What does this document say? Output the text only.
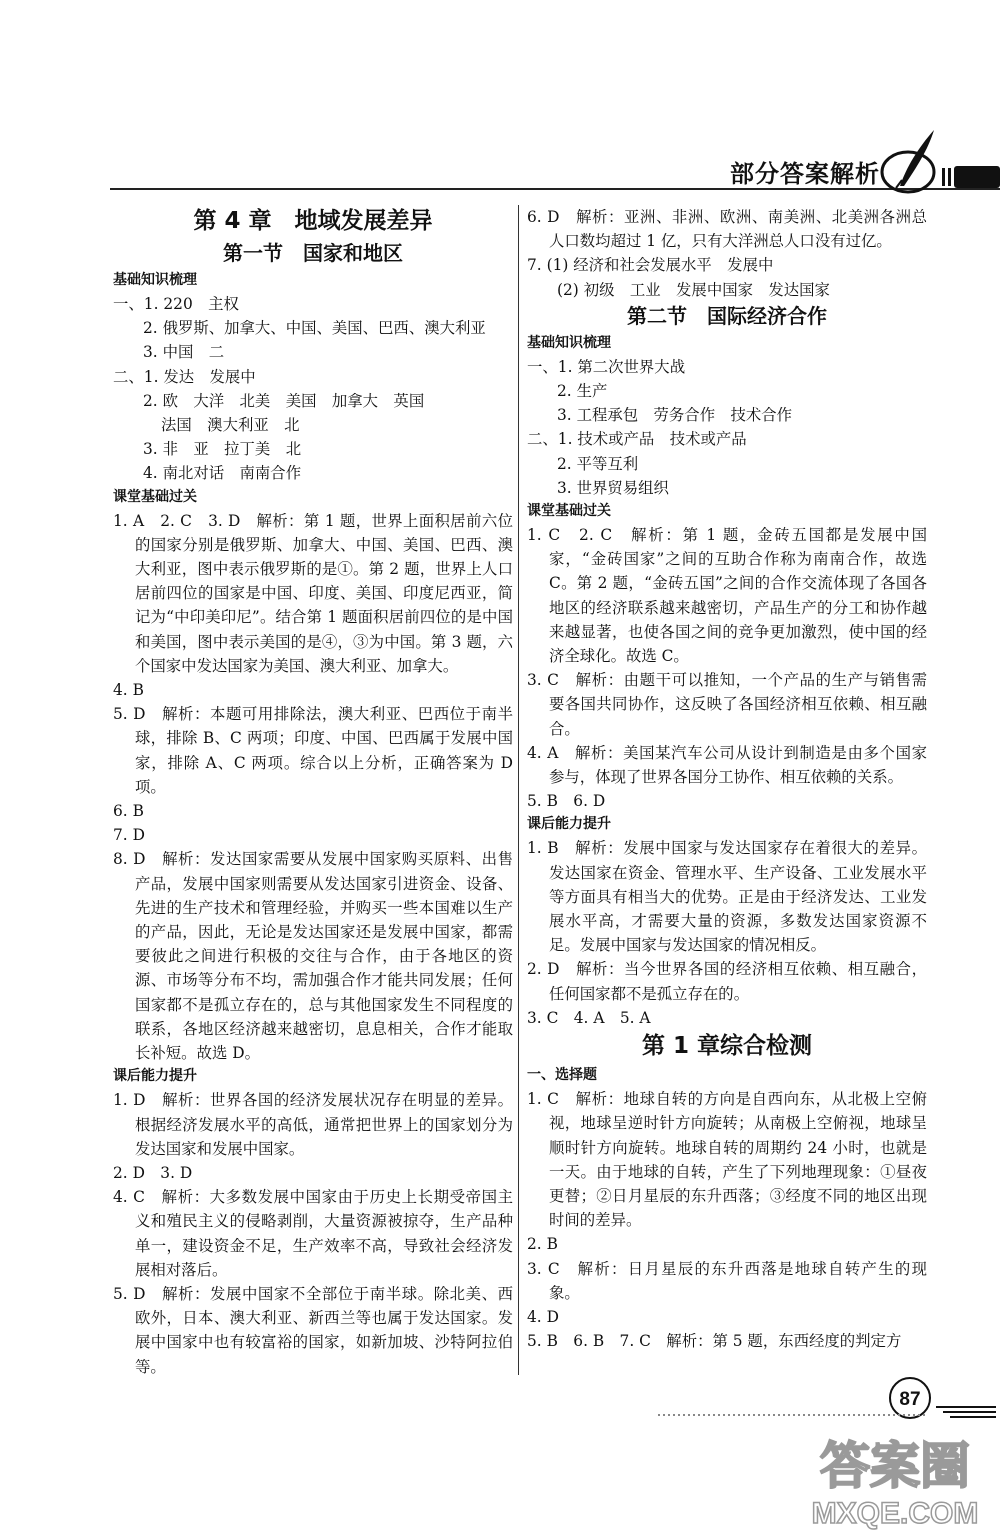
部分答案解析
第 4 章　地域发展差异
第一节　国家和地区
基础知识梳理

一、1. 220　主权

2. 俄罗斯、加拿大、中国、美国、巴西、澳大利亚

3. 中国　二

二、1. 发达　发展中

2. 欧　大洋　北美　美国　加拿大　英国

法国　澳大利亚　北

3. 非　亚　拉丁美　北

4. 南北对话　南南合作

课堂基础过关

1. A　2. C　3. D　解析：第 1 题，世界上面积居前六位的国家分别是俄罗斯、加拿大、中国、美国、巴西、澳大利亚，图中表示俄罗斯的是①。第 2 题，世界上人口居前四位的国家是中国、印度、美国、印度尼西亚，简记为“中印美印尼”。结合第 1 题面积居前四位的是中国和美国，图中表示美国的是④，③为中国。第 3 题，六个国家中发达国家为美国、澳大利亚、加拿大。

4. B

5. D　解析：本题可用排除法，澳大利亚、巴西位于南半球，排除 B、C 两项；印度、中国、巴西属于发展中国家，排除 A、C 两项。综合以上分析，正确答案为 D 项。

6. B

7. D

8. D　解析：发达国家需要从发展中国家购买原料、出售产品，发展中国家则需要从发达国家引进资金、设备、先进的生产技术和管理经验，并购买一些本国难以生产的产品，因此，无论是发达国家还是发展中国家，都需要彼此之间进行积极的交往与合作，由于各地区的资源、市场等分布不均，需加强合作才能共同发展；任何国家都不是孤立存在的，总与其他国家发生不同程度的联系，各地区经济越来越密切，息息相关，合作才能取长补短。故选 D。

课后能力提升

1. D　解析：世界各国的经济发展状况存在明显的差异。根据经济发展水平的高低，通常把世界上的国家划分为发达国家和发展中国家。

2. D　3. D

4. C　解析：大多数发展中国家由于历史上长期受帝国主义和殖民主义的侵略剥削，大量资源被掠夺，生产品种单一，建设资金不足，生产效率不高，导致社会经济发展相对落后。

5. D　解析：发展中国家不全部位于南半球。除北美、西欧外，日本、澳大利亚、新西兰等也属于发达国家。发展中国家中也有较富裕的国家，如新加坡、沙特阿拉伯等。

6. D　解析：亚洲、非洲、欧洲、南美洲、北美洲各洲总人口数均超过 1 亿，只有大洋洲总人口没有过亿。

7. (1) 经济和社会发展水平　发展中

(2) 初级　工业　发展中国家　发达国家

第二节　国际经济合作
基础知识梳理

一、1. 第二次世界大战

2. 生产

3. 工程承包　劳务合作　技术合作

二、1. 技术或产品　技术或产品

2. 平等互利

3. 世界贸易组织

课堂基础过关

1. C　2. C　解析：第 1 题，金砖五国都是发展中国家，“金砖国家”之间的互助合作称为南南合作，故选 C。第 2 题，“金砖五国”之间的合作交流体现了各国各地区的经济联系越来越密切，产品生产的分工和协作越来越显著，也使各国之间的竞争更加激烈，使中国的经济全球化。故选 C。

3. C　解析：由题干可以推知，一个产品的生产与销售需要各国共同协作，这反映了各国经济相互依赖、相互融合。

4. A　解析：美国某汽车公司从设计到制造是由多个国家参与，体现了世界各国分工协作、相互依赖的关系。

5. B　6. D

课后能力提升

1. B　解析：发展中国家与发达国家存在着很大的差异。发达国家在资金、管理水平、生产设备、工业发展水平等方面具有相当大的优势。正是由于经济发达、工业发展水平高，才需要大量的资源，多数发达国家资源不足。发展中国家与发达国家的情况相反。

2. D　解析：当今世界各国的经济相互依赖、相互融合，任何国家都不是孤立存在的。

3. C　4. A　5. A

第 1 章综合检测
一、选择题

1. C　解析：地球自转的方向是自西向东，从北极上空俯视，地球呈逆时针方向旋转；从南极上空俯视，地球呈顺时针方向旋转。地球自转的周期约 24 小时，也就是一天。由于地球的自转，产生了下列地理现象：①昼夜更替；②日月星辰的东升西落；③经度不同的地区出现时间的差异。

2. B

3. C　解析：日月星辰的东升西落是地球自转产生的现象。

4. D

5. B　6. B　7. C　解析：第 5 题，东西经度的判定方

87
答案圈
MXQE.COM
